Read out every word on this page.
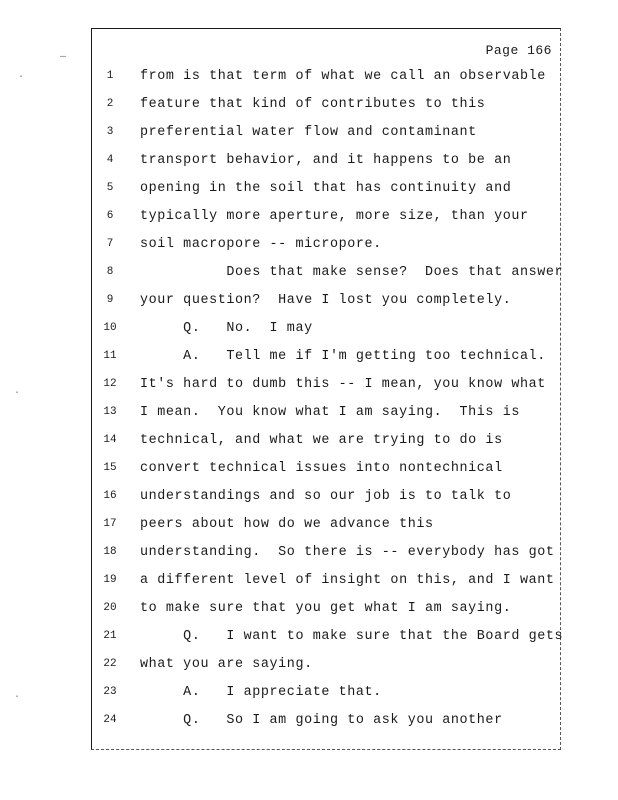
Page 166
1	from is that term of what we call an observable
2	feature that kind of contributes to this
3	preferential water flow and contaminant
4	transport behavior, and it happens to be an
5	opening in the soil that has continuity and
6	typically more aperture, more size, than your
7	soil macropore -- micropore.
8	Does that make sense?  Does that answer
9	your question?  Have I lost you completely.
10	Q.   No.  I may
11	A.   Tell me if I'm getting too technical.
12	It's hard to dumb this -- I mean, you know what
13	I mean.  You know what I am saying.  This is
14	technical, and what we are trying to do is
15	convert technical issues into nontechnical
16	understandings and so our job is to talk to
17	peers about how do we advance this
18	understanding.  So there is -- everybody has got
19	a different level of insight on this, and I want
20	to make sure that you get what I am saying.
21	Q.   I want to make sure that the Board gets
22	what you are saying.
23	A.   I appreciate that.
24	Q.   So I am going to ask you another
—
·
·
·
